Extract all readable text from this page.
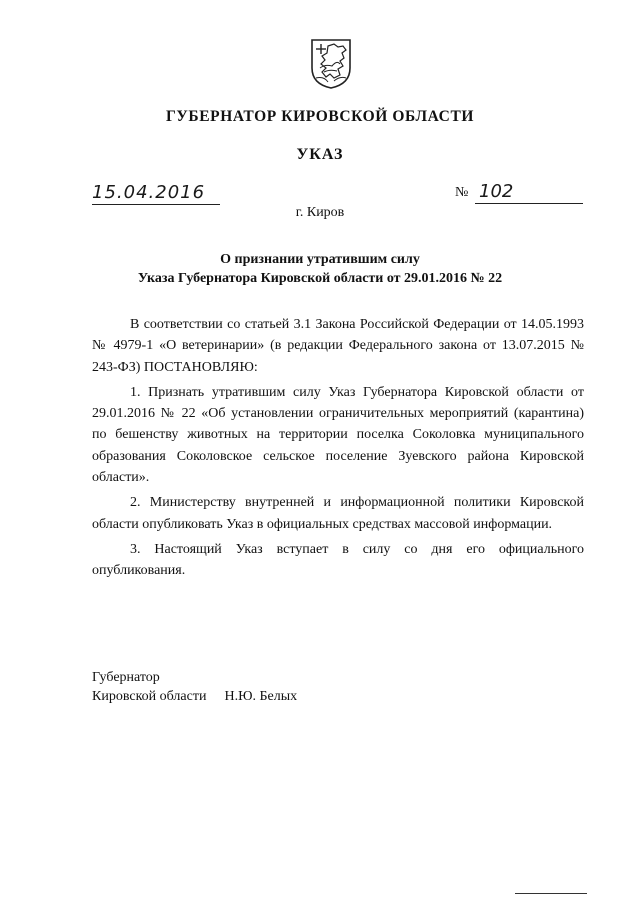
ГУБЕРНАТОР КИРОВСКОЙ ОБЛАСТИ
УКАЗ
15.04.2016	№ 102
г. Киров
О признании утратившим силу
Указа Губернатора Кировской области от 29.01.2016 № 22

В соответствии со статьей 3.1 Закона Российской Федерации от 14.05.1993 № 4979-1 «О ветеринарии» (в редакции Федерального закона от 13.07.2015 № 243-ФЗ) ПОСТАНОВЛЯЮ:

1. Признать утратившим силу Указ Губернатора Кировской области от 29.01.2016 № 22 «Об установлении ограничительных мероприятий (карантина) по бешенству животных на территории поселка Соколовка муниципального образования Соколовское сельское поселение Зуевского района Кировской области».

2. Министерству внутренней и информационной политики Кировской области опубликовать Указ в официальных средствах массовой информации.

3. Настоящий Указ вступает в силу со дня его официального опубликования.

Губернатор
Кировской области Н.Ю. Белых
